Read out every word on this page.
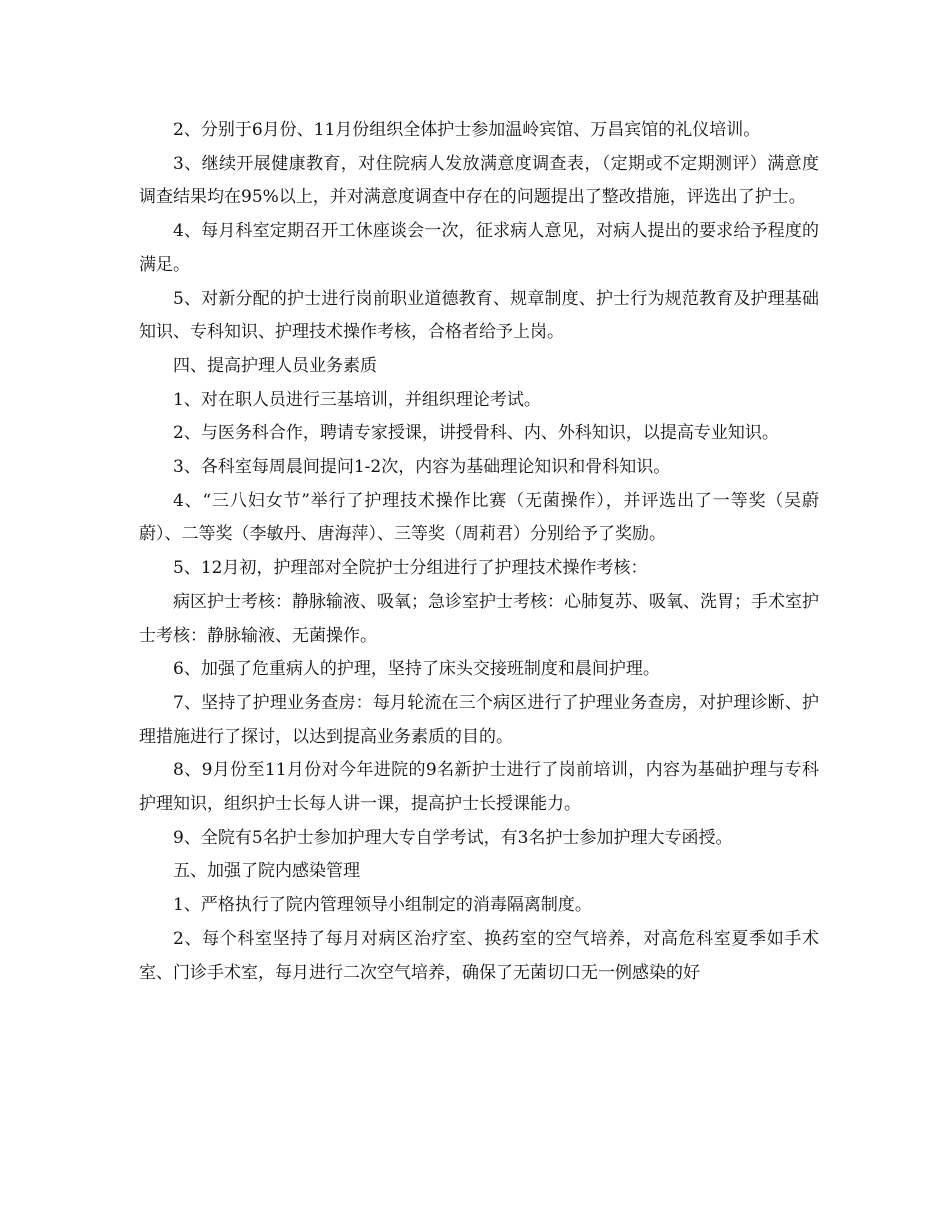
2、分别于6月份、11月份组织全体护士参加温岭宾馆、万昌宾馆的礼仪培训。

3、继续开展健康教育，对住院病人发放满意度调查表，（定期或不定期测评）满意度调查结果均在95%以上，并对满意度调查中存在的问题提出了整改措施，评选出了护士。

4、每月科室定期召开工休座谈会一次，征求病人意见，对病人提出的要求给予程度的满足。

5、对新分配的护士进行岗前职业道德教育、规章制度、护士行为规范教育及护理基础知识、专科知识、护理技术操作考核，合格者给予上岗。

四、提高护理人员业务素质

1、对在职人员进行三基培训，并组织理论考试。

2、与医务科合作，聘请专家授课，讲授骨科、内、外科知识，以提高专业知识。

3、各科室每周晨间提问1-2次，内容为基础理论知识和骨科知识。

4、“三八妇女节”举行了护理技术操作比赛（无菌操作），并评选出了一等奖（吴蔚蔚）、二等奖（李敏丹、唐海萍）、三等奖（周莉君）分别给予了奖励。

5、12月初，护理部对全院护士分组进行了护理技术操作考核：

病区护士考核：静脉输液、吸氧；急诊室护士考核：心肺复苏、吸氧、洗胃；手术室护士考核：静脉输液、无菌操作。

6、加强了危重病人的护理，坚持了床头交接班制度和晨间护理。

7、坚持了护理业务查房：每月轮流在三个病区进行了护理业务查房，对护理诊断、护理措施进行了探讨，以达到提高业务素质的目的。

8、9月份至11月份对今年进院的9名新护士进行了岗前培训，内容为基础护理与专科护理知识，组织护士长每人讲一课，提高护士长授课能力。

9、全院有5名护士参加护理大专自学考试，有3名护士参加护理大专函授。

五、加强了院内感染管理

1、严格执行了院内管理领导小组制定的消毒隔离制度。

2、每个科室坚持了每月对病区治疗室、换药室的空气培养，对高危科室夏季如手术室、门诊手术室，每月进行二次空气培养，确保了无菌切口无一例感染的好
